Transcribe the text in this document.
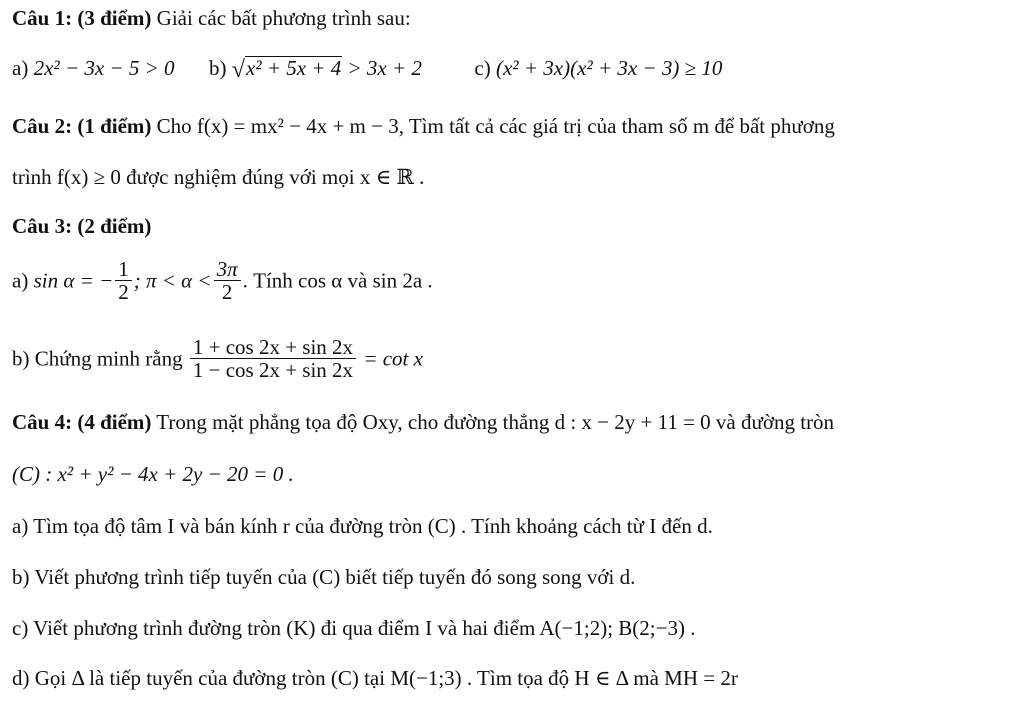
Câu 1: (3 điểm) Giải các bất phương trình sau:
a) 2x² − 3x − 5 > 0 b) √x² + 5x + 4 > 3x + 2	c) (x² + 3x)(x² + 3x − 3) ≥ 10
Câu 2: (1 điểm) Cho f(x) = mx² − 4x + m − 3, Tìm tất cả các giá trị của tham số m để bất phương
trình f(x) ≥ 0 được nghiệm đúng với mọi x ∈ ℝ .
Câu 3: (2 điểm)
a) sin α = − $\frac{1}{2}$ ; $\pi < \alpha < \frac{3\pi}{2}$ . Tính cos α và sin 2a .
b) Chứng minh rằng $\frac{1 + \cos 2x + \sin 2x}{1 - \cos 2x + \sin 2x} = \cot x$
Câu 4: (4 điểm) Trong mặt phẳng tọa độ Oxy, cho đường thẳng d : x − 2y + 11 = 0 và đường tròn
(C) : x² + y² − 4x + 2y − 20 = 0 .
a) Tìm tọa độ tâm I và bán kính r của đường tròn (C) . Tính khoảng cách từ I đến d.
b) Viết phương trình tiếp tuyến của (C) biết tiếp tuyến đó song song với d.
c) Viết phương trình đường tròn (K) đi qua điểm I và hai điểm A(−1;2); B(2;−3) .
d) Gọi Δ là tiếp tuyến của đường tròn (C) tại M(−1;3) . Tìm tọa độ H ∈ Δ mà MH = 2r
